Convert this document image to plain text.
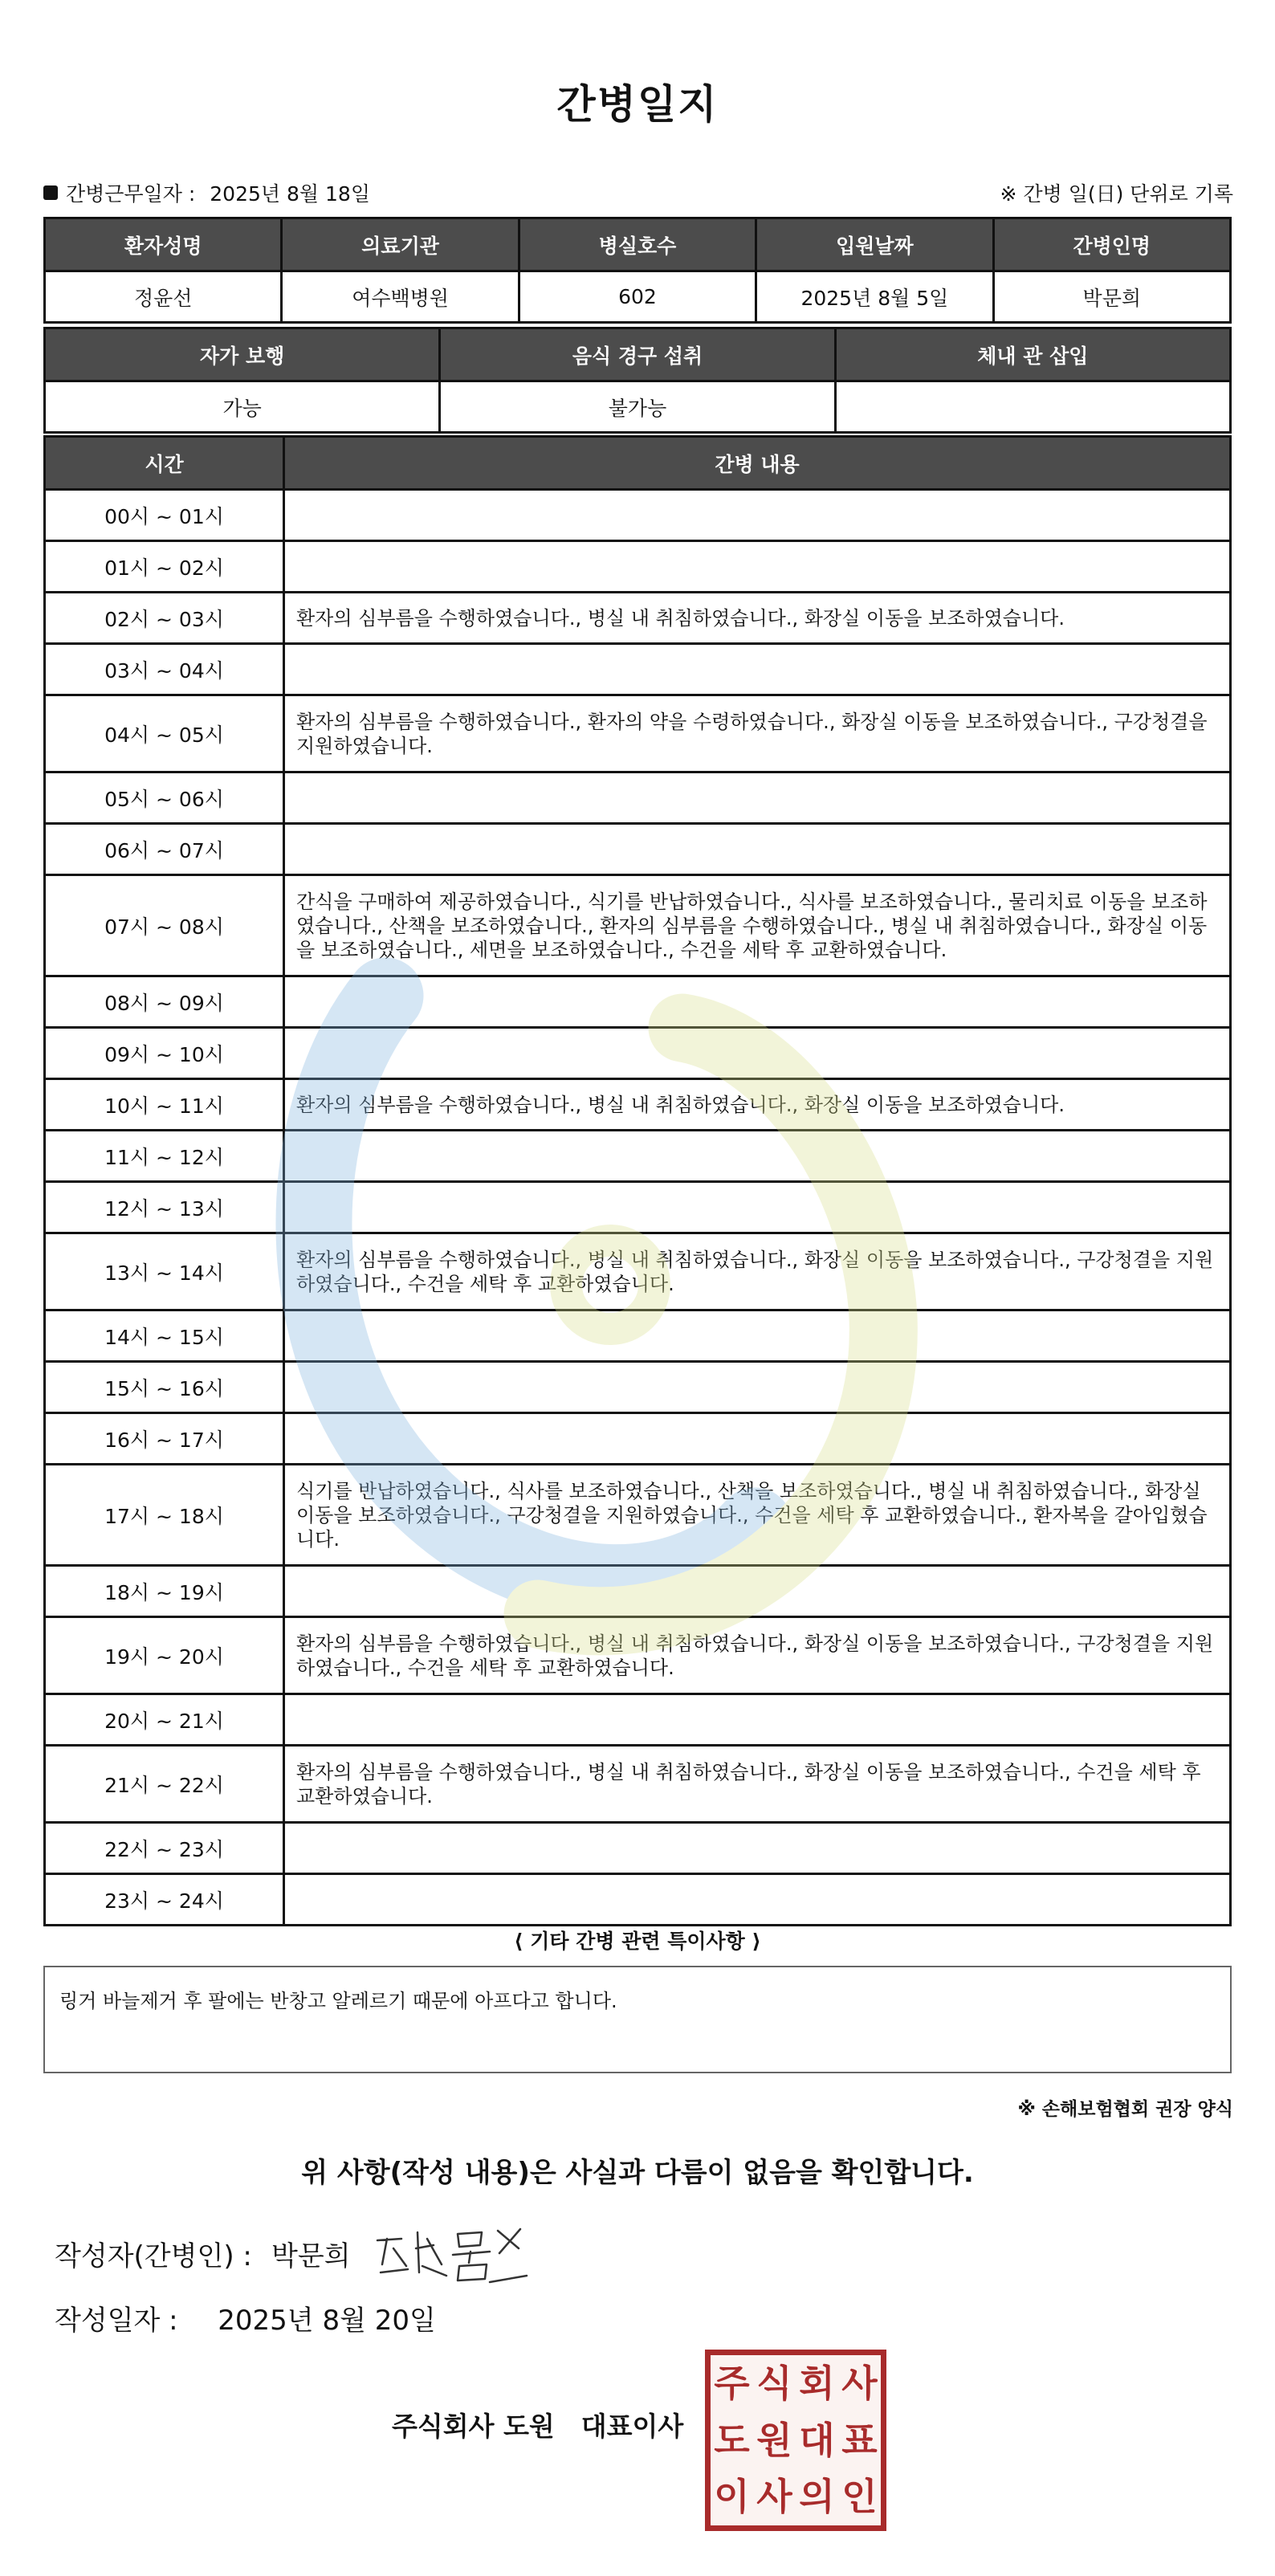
간병일지
간병근무일자 : 2025년 8월 18일	※ 간병 일(日) 단위로 기록
환자성명	의료기관	병실호수	입원날짜	간병인명
정윤선	여수백병원	602	2025년 8월 5일	박문희
자가 보행	음식 경구 섭취	체내 관 삽입
가능	불가능	
시간	간병 내용
00시 ~ 01시	
01시 ~ 02시	
02시 ~ 03시	환자의 심부름을 수행하였습니다., 병실 내 취침하였습니다., 화장실 이동을 보조하였습니다.
03시 ~ 04시	
04시 ~ 05시	환자의 심부름을 수행하였습니다., 환자의 약을 수령하였습니다., 화장실 이동을 보조하였습니다., 구강청결을 지원하였습니다.
05시 ~ 06시	
06시 ~ 07시	
07시 ~ 08시	간식을 구매하여 제공하였습니다., 식기를 반납하였습니다., 식사를 보조하였습니다., 물리치료 이동을 보조하였습니다., 산책을 보조하였습니다., 환자의 심부름을 수행하였습니다., 병실 내 취침하였습니다., 화장실 이동을 보조하였습니다., 세면을 보조하였습니다., 수건을 세탁 후 교환하였습니다.
08시 ~ 09시	
09시 ~ 10시	
10시 ~ 11시	환자의 심부름을 수행하였습니다., 병실 내 취침하였습니다., 화장실 이동을 보조하였습니다.
11시 ~ 12시	
12시 ~ 13시	
13시 ~ 14시	환자의 심부름을 수행하였습니다., 병실 내 취침하였습니다., 화장실 이동을 보조하였습니다., 구강청결을 지원하였습니다., 수건을 세탁 후 교환하였습니다.
14시 ~ 15시	
15시 ~ 16시	
16시 ~ 17시	
17시 ~ 18시	식기를 반납하였습니다., 식사를 보조하였습니다., 산책을 보조하였습니다., 병실 내 취침하였습니다., 화장실 이동을 보조하였습니다., 구강청결을 지원하였습니다., 수건을 세탁 후 교환하였습니다., 환자복을 갈아입혔습니다.
18시 ~ 19시	
19시 ~ 20시	환자의 심부름을 수행하였습니다., 병실 내 취침하였습니다., 화장실 이동을 보조하였습니다., 구강청결을 지원하였습니다., 수건을 세탁 후 교환하였습니다.
20시 ~ 21시	
21시 ~ 22시	환자의 심부름을 수행하였습니다., 병실 내 취침하였습니다., 화장실 이동을 보조하였습니다., 수건을 세탁 후 교환하였습니다.
22시 ~ 23시	
23시 ~ 24시	
⟨ 기타 간병 관련 특이사항 ⟩
링거 바늘제거 후 팔에는 반창고 알레르기 때문에 아프다고 합니다.
※ 손해보험협회 권장 양식
위 사항(작성 내용)은 사실과 다름이 없음을 확인합니다.
작성자(간병인) : 박문희
작성일자 : 2025년 8월 20일
주식회사 도원　대표이사
주 식 회 사
도 원 대 표
이 사 의 인
